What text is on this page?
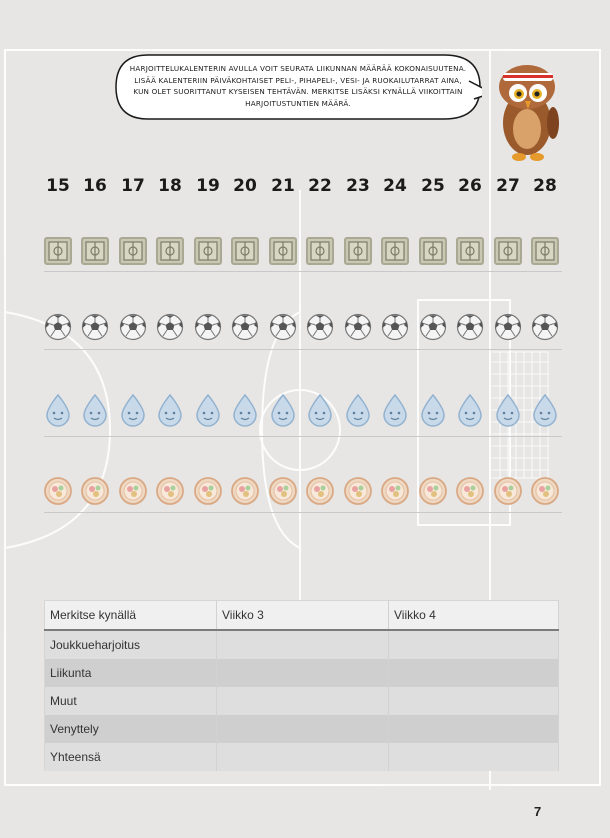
HARJOITTELUKALENTERIN AVULLA VOIT SEURATA LIIKUNNAN MÄÄRÄÄ KOKONAISUUTENA. LISÄÄ KALENTERIIN PÄIVÄKOHTAISET PELI-, PIHAPELI-, VESI- JA RUOKAILUTARRAT AINA, KUN OLET SUORITTANUT KYSEISEN TEHTÄVÄN. MERKITSE LISÄKSI KYNÄLLÄ VIIKOITTAIN HARJOITUSTUNTIEN MÄÄRÄ.
15 16 17 18 19 20 21 22 23 24 25 26 27 28
Merkitse kynällä	Viikko 3	Viikko 4
Joukkueharjoitus		
Liikunta		
Muut		
Venyttely		
Yhteensä		
7
